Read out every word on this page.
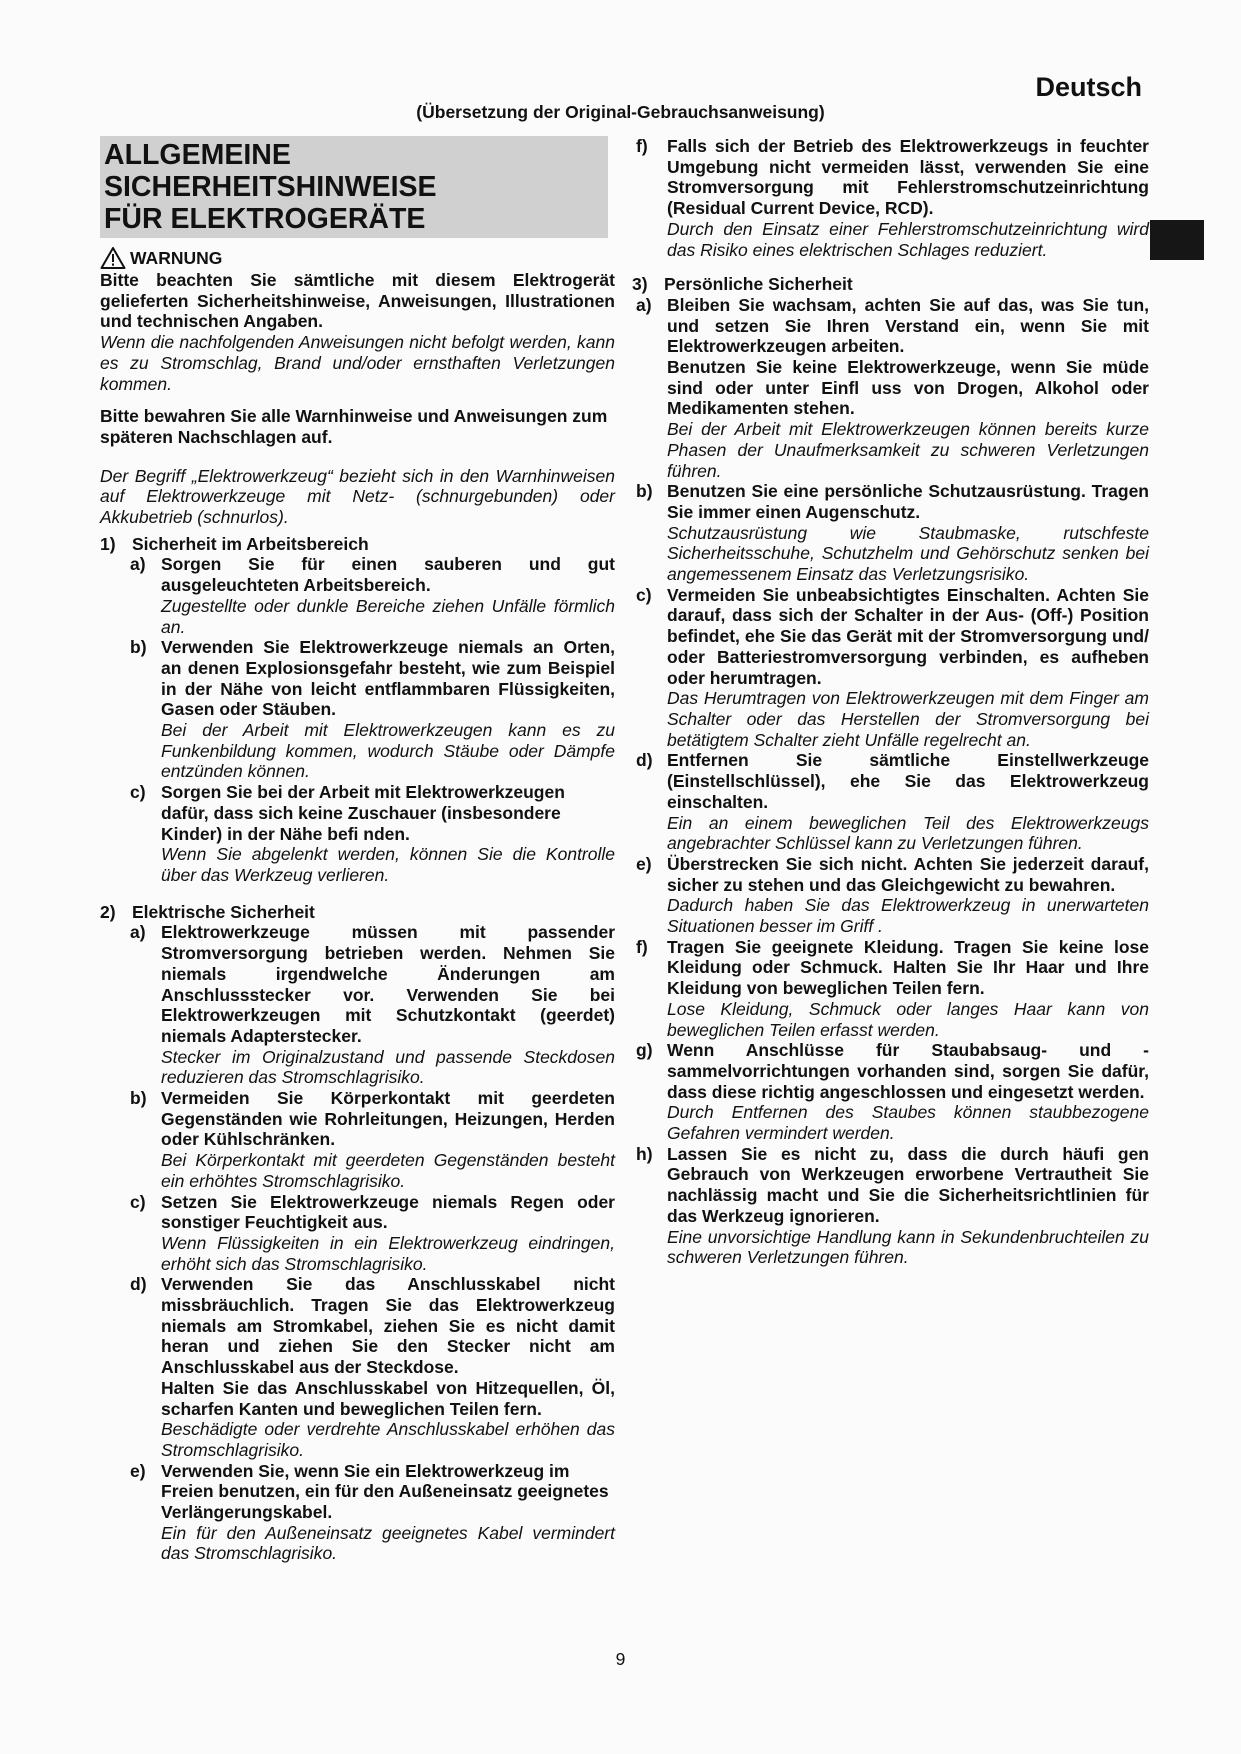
Deutsch
(Übersetzung der Original-Gebrauchsanweisung)
ALLGEMEINE SICHERHEITSHINWEISE
FÜR ELEKTROGERÄTE
WARNUNG

Bitte beachten Sie sämtliche mit diesem Elektrogerät gelieferten Sicherheitshinweise, Anweisungen, Illustrationen und technischen Angaben.

Wenn die nachfolgenden Anweisungen nicht befolgt werden, kann es zu Stromschlag, Brand und/oder ernsthaften Verletzungen kommen.

Bitte bewahren Sie alle Warnhinweise und Anweisungen zum späteren Nachschlagen auf.

Der Begriff „Elektrowerkzeug“ bezieht sich in den Warnhinweisen auf Elektrowerkzeuge mit Netz- (schnurgebunden) oder Akkubetrieb (schnurlos).

1) Sicherheit im Arbeitsbereich
a) Sorgen Sie für einen sauberen und gut ausgeleuchteten Arbeitsbereich.

Zugestellte oder dunkle Bereiche ziehen Unfälle förmlich an.

b) Verwenden Sie Elektrowerkzeuge niemals an Orten, an denen Explosionsgefahr besteht, wie zum Beispiel in der Nähe von leicht entflammbaren Flüssigkeiten, Gasen oder Stäuben.

Bei der Arbeit mit Elektrowerkzeugen kann es zu Funkenbildung kommen, wodurch Stäube oder Dämpfe entzünden können.

c) Sorgen Sie bei der Arbeit mit Elektrowerkzeugen dafür, dass sich keine Zuschauer (insbesondere Kinder) in der Nähe befi nden.

Wenn Sie abgelenkt werden, können Sie die Kontrolle über das Werkzeug verlieren.

2) Elektrische Sicherheit
a) Elektrowerkzeuge müssen mit passender Stromversorgung betrieben werden. Nehmen Sie niemals irgendwelche Änderungen am Anschlussstecker vor. Verwenden Sie bei Elektrowerkzeugen mit Schutzkontakt (geerdet) niemals Adapterstecker.

Stecker im Originalzustand und passende Steckdosen reduzieren das Stromschlagrisiko.

b) Vermeiden Sie Körperkontakt mit geerdeten Gegenständen wie Rohrleitungen, Heizungen, Herden oder Kühlschränken.

Bei Körperkontakt mit geerdeten Gegenständen besteht ein erhöhtes Stromschlagrisiko.

c) Setzen Sie Elektrowerkzeuge niemals Regen oder sonstiger Feuchtigkeit aus.

Wenn Flüssigkeiten in ein Elektrowerkzeug eindringen, erhöht sich das Stromschlagrisiko.

d) Verwenden Sie das Anschlusskabel nicht missbräuchlich. Tragen Sie das Elektrowerkzeug niemals am Stromkabel, ziehen Sie es nicht damit heran und ziehen Sie den Stecker nicht am Anschlusskabel aus der Steckdose.

Halten Sie das Anschlusskabel von Hitzequellen, Öl, scharfen Kanten und beweglichen Teilen fern.

Beschädigte oder verdrehte Anschlusskabel erhöhen das Stromschlagrisiko.

e) Verwenden Sie, wenn Sie ein Elektrowerkzeug im Freien benutzen, ein für den Außeneinsatz geeignetes Verlängerungskabel.

Ein für den Außeneinsatz geeignetes Kabel vermindert das Stromschlagrisiko.

f)	Falls sich der Betrieb des Elektrowerkzeugs in feuchter Umgebung nicht vermeiden lässt, verwenden Sie eine Stromversorgung mit Fehlerstromschutzeinrichtung (Residual Current Device, RCD).

Durch den Einsatz einer Fehlerstromschutzeinrichtung wird das Risiko eines elektrischen Schlages reduziert.

3) Persönliche Sicherheit
a) Bleiben Sie wachsam, achten Sie auf das, was Sie tun, und setzen Sie Ihren Verstand ein, wenn Sie mit Elektrowerkzeugen arbeiten.

Benutzen Sie keine Elektrowerkzeuge, wenn Sie müde sind oder unter Einfl uss von Drogen, Alkohol oder Medikamenten stehen.

Bei der Arbeit mit Elektrowerkzeugen können bereits kurze Phasen der Unaufmerksamkeit zu schweren Verletzungen führen.

b) Benutzen Sie eine persönliche Schutzausrüstung. Tragen Sie immer einen Augenschutz.

Schutzausrüstung wie Staubmaske, rutschfeste Sicherheitsschuhe, Schutzhelm und Gehörschutz senken bei angemessenem Einsatz das Verletzungsrisiko.

c) Vermeiden Sie unbeabsichtigtes Einschalten. Achten Sie darauf, dass sich der Schalter in der Aus- (Off-) Position befindet, ehe Sie das Gerät mit der Stromversorgung und/ oder Batteriestromversorgung verbinden, es aufheben oder herumtragen.

Das Herumtragen von Elektrowerkzeugen mit dem Finger am Schalter oder das Herstellen der Stromversorgung bei betätigtem Schalter zieht Unfälle regelrecht an.

d) Entfernen Sie sämtliche Einstellwerkzeuge (Einstellschlüssel), ehe Sie das Elektrowerkzeug einschalten.

Ein an einem beweglichen Teil des Elektrowerkzeugs angebrachter Schlüssel kann zu Verletzungen führen.

e) Überstrecken Sie sich nicht. Achten Sie jederzeit darauf, sicher zu stehen und das Gleichgewicht zu bewahren.

Dadurch haben Sie das Elektrowerkzeug in unerwarteten Situationen besser im Griff .

f)	Tragen Sie geeignete Kleidung. Tragen Sie keine lose Kleidung oder Schmuck. Halten Sie Ihr Haar und Ihre Kleidung von beweglichen Teilen fern.

Lose Kleidung, Schmuck oder langes Haar kann von beweglichen Teilen erfasst werden.

g) Wenn Anschlüsse für Staubabsaug- und -sammelvorrichtungen vorhanden sind, sorgen Sie dafür, dass diese richtig angeschlossen und eingesetzt werden.

Durch Entfernen des Staubes können staubbezogene Gefahren vermindert werden.

h) Lassen Sie es nicht zu, dass die durch häufi gen Gebrauch von Werkzeugen erworbene Vertrautheit Sie nachlässig macht und Sie die Sicherheitsrichtlinien für das Werkzeug ignorieren.

Eine unvorsichtige Handlung kann in Sekundenbruchteilen zu schweren Verletzungen führen.

9
